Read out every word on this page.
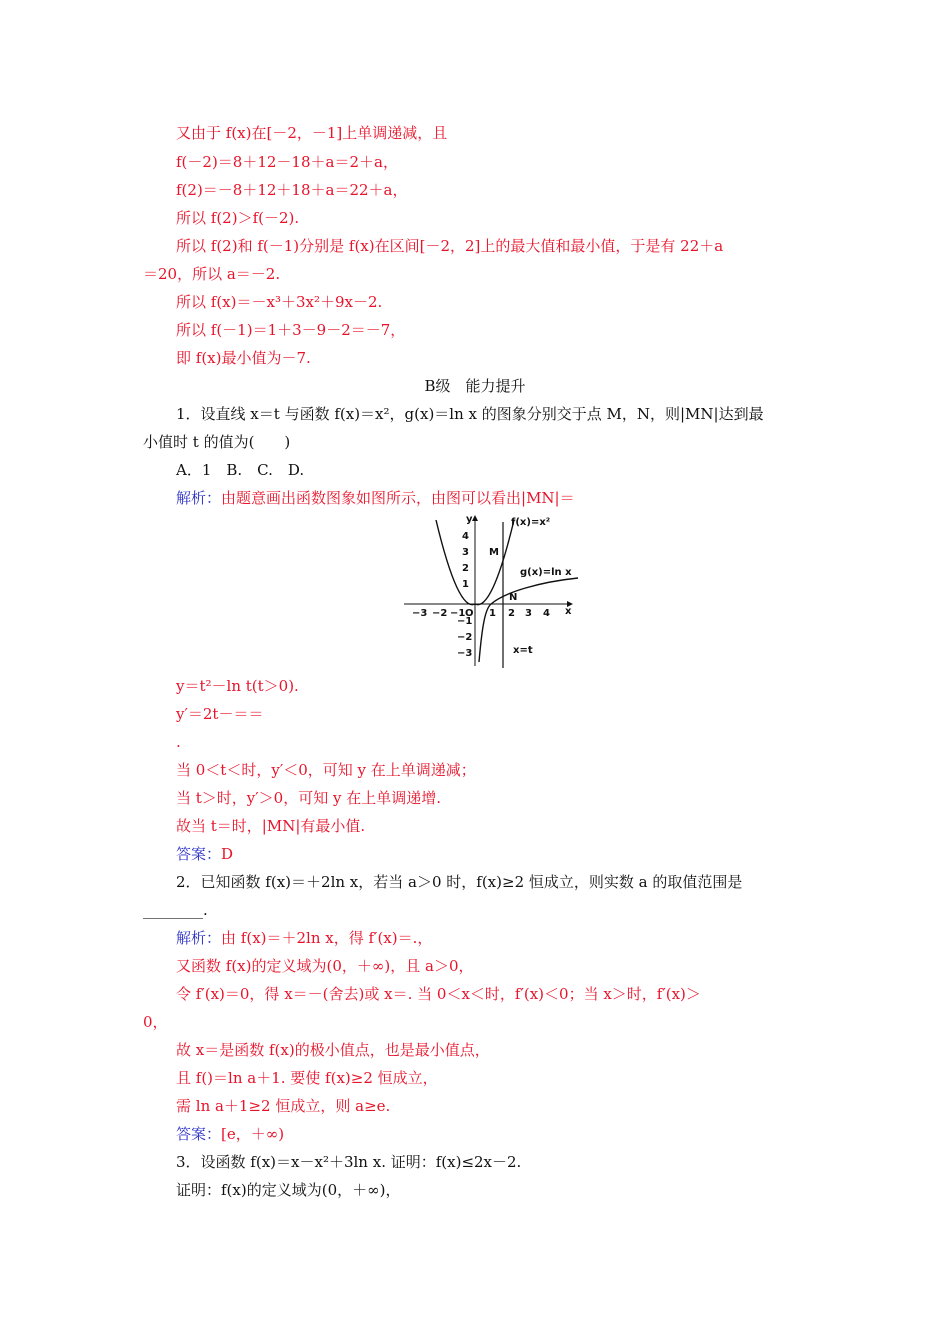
又由于 f(x)在[－2，－1]上单调递减，且
f(－2)＝8＋12－18＋a＝2＋a，
f(2)＝－8＋12＋18＋a＝22＋a，
所以 f(2)＞f(－2).
所以 f(2)和 f(－1)分别是 f(x)在区间[－2，2]上的最大值和最小值，于是有 22＋a
＝20，所以 a＝－2.
所以 f(x)＝－x³＋3x²＋9x－2.
所以 f(－1)＝1＋3－9－2＝－7，
即 f(x)最小值为－7.
B级　能力提升
1．设直线 x＝t 与函数 f(x)＝x²，g(x)＝ln x 的图象分别交于点 M，N，则|MN|达到最
小值时 t 的值为(　　)
A．1　B.　C.　D.
解析：由题意画出函数图象如图所示，由图可以看出|MN|＝
y
x
O
f(x)=x²
g(x)=ln x
x=t
M
N
−3 −2 −1 1 2 3 4
4
3
2
1
−1
−2
−3
y＝t²－ln t(t＞0).
y′＝2t－＝＝
.
当 0＜t＜时，y′＜0，可知 y 在上单调递减；
当 t＞时，y′＞0，可知 y 在上单调递增.
故当 t＝时，|MN|有最小值.
答案：D
2．已知函数 f(x)＝＋2ln x，若当 a＞0 时，f(x)≥2 恒成立，则实数 a 的取值范围是
________.
解析：由 f(x)＝＋2ln x，得 f′(x)＝.，
又函数 f(x)的定义域为(0，＋∞)，且 a＞0，
令 f′(x)＝0，得 x＝－(舍去)或 x＝. 当 0＜x＜时，f′(x)＜0；当 x＞时，f′(x)＞
0，
故 x＝是函数 f(x)的极小值点，也是最小值点，
且 f()＝ln a＋1. 要使 f(x)≥2 恒成立，
需 ln a＋1≥2 恒成立，则 a≥e.
答案：[e，＋∞)
3．设函数 f(x)＝x－x²＋3ln x. 证明：f(x)≤2x－2.
证明：f(x)的定义域为(0，＋∞)，
